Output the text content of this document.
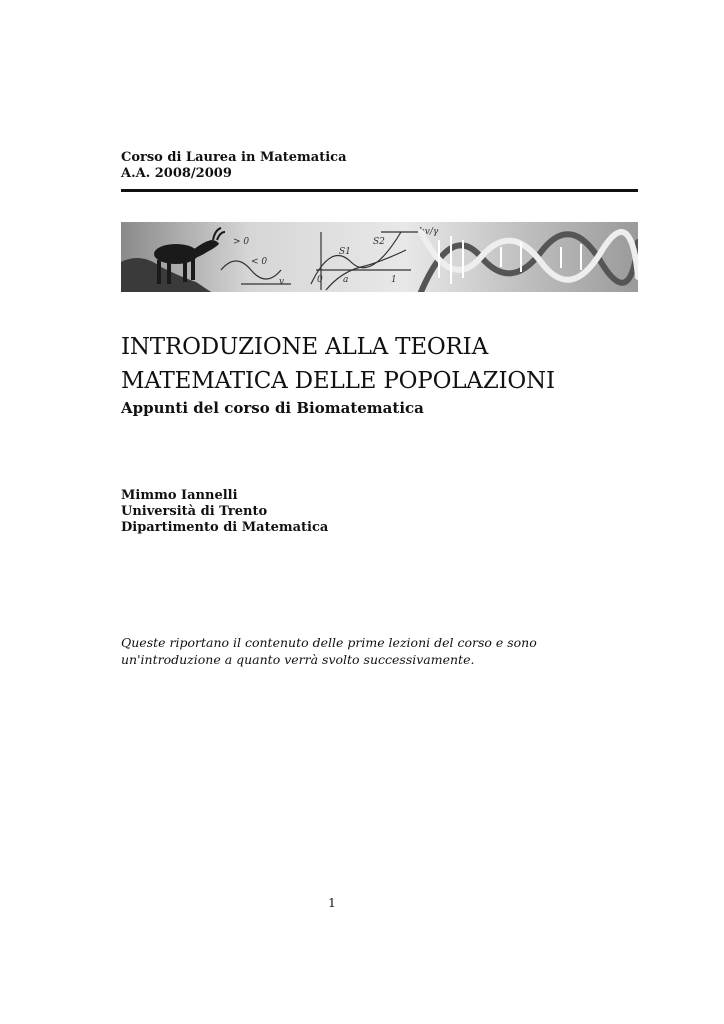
Corso di Laurea in Matematica
A.A. 2008/2009
> 0
< 0
S1
S2
bv/γ
0 a	1
v
INTRODUZIONE ALLA TEORIA
MATEMATICA DELLE POPOLAZIONI
Appunti del corso di Biomatematica
Mimmo Iannelli
Università di Trento
Dipartimento di Matematica
Queste riportano il contenuto delle prime lezioni del corso e sono
un'introduzione a quanto verrà svolto successivamente.
1
